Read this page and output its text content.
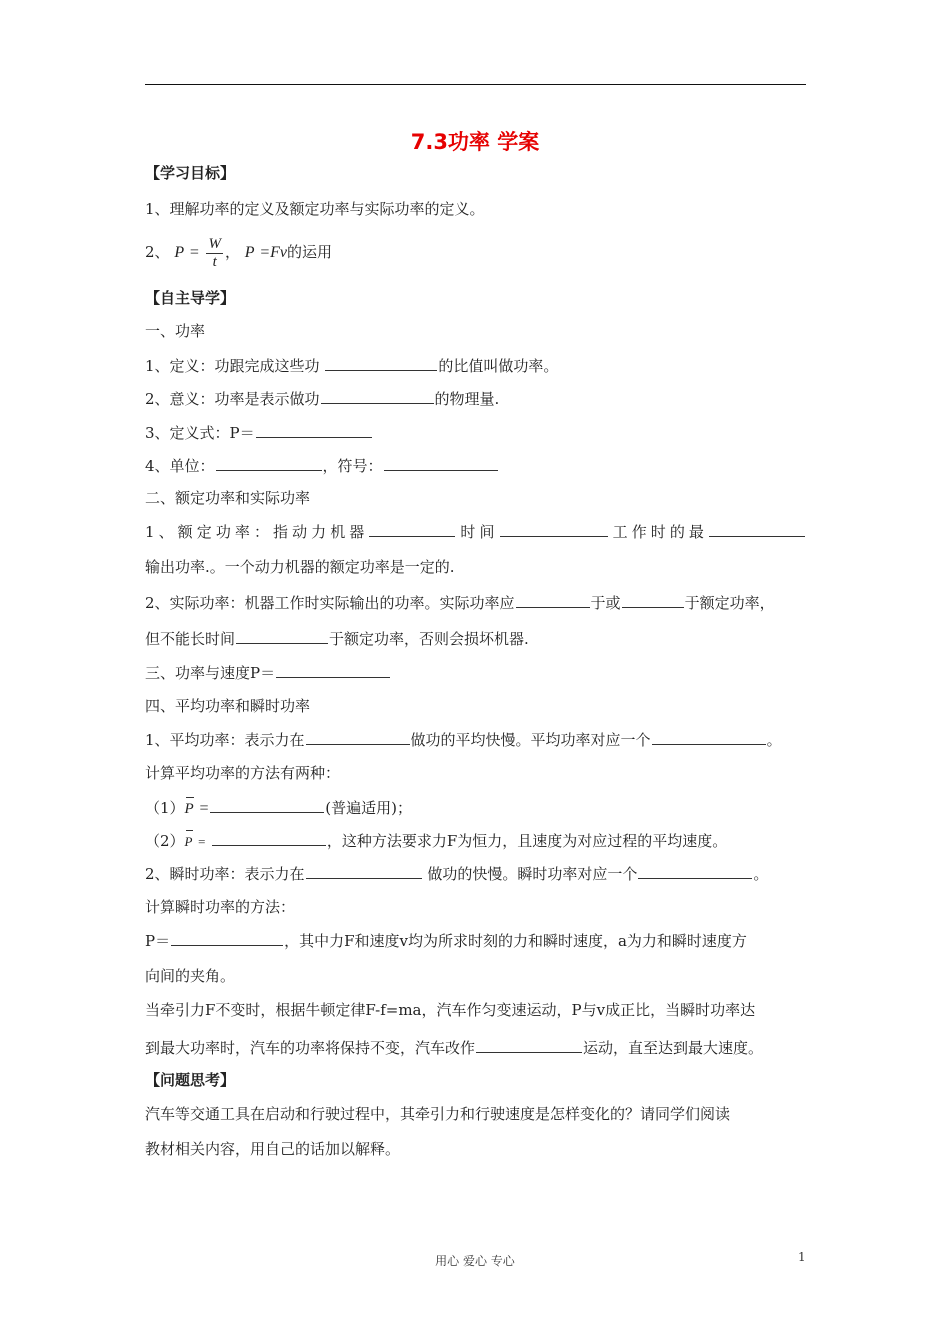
7.3功率 学案
【学习目标】
1、理解功率的定义及额定功率与实际功率的定义。
2、 $P = \frac{W}{t}$ ， P =Fv的运用
【自主导学】
一、功率
1、定义：功跟完成这些功	的比值叫做功率。
2、意义：功率是表示做功	的物理量.
3、定义式：P＝
4、单位：	，符号：
二、额定功率和实际功率
1、额定功率：指动力机器	时间	工作时的最
输出功率.。一个动力机器的额定功率是一定的.
2、实际功率：机器工作时实际输出的功率。实际功率应	于或	于额定功率，
但不能长时间	于额定功率，否则会损坏机器.
三、功率与速度P＝
四、平均功率和瞬时功率
1、平均功率：表示力在	做功的平均快慢。平均功率对应一个	。
计算平均功率的方法有两种：
（1）P =	(普遍适用)；
（2）P =	，这种方法要求力F为恒力，且速度为对应过程的平均速度。
2、瞬时功率：表示力在	做功的快慢。瞬时功率对应一个	。
计算瞬时功率的方法：
P＝	，其中力F和速度v均为所求时刻的力和瞬时速度，a为力和瞬时速度方
向间的夹角。
当牵引力F不变时，根据牛顿定律F-f=ma，汽车作匀变速运动，P与v成正比，当瞬时功率达
到最大功率时，汽车的功率将保持不变，汽车改作	运动，直至达到最大速度。
【问题思考】
汽车等交通工具在启动和行驶过程中，其牵引力和行驶速度是怎样变化的？请同学们阅读
教材相关内容，用自己的话加以解释。
用心 爱心 专心	1
